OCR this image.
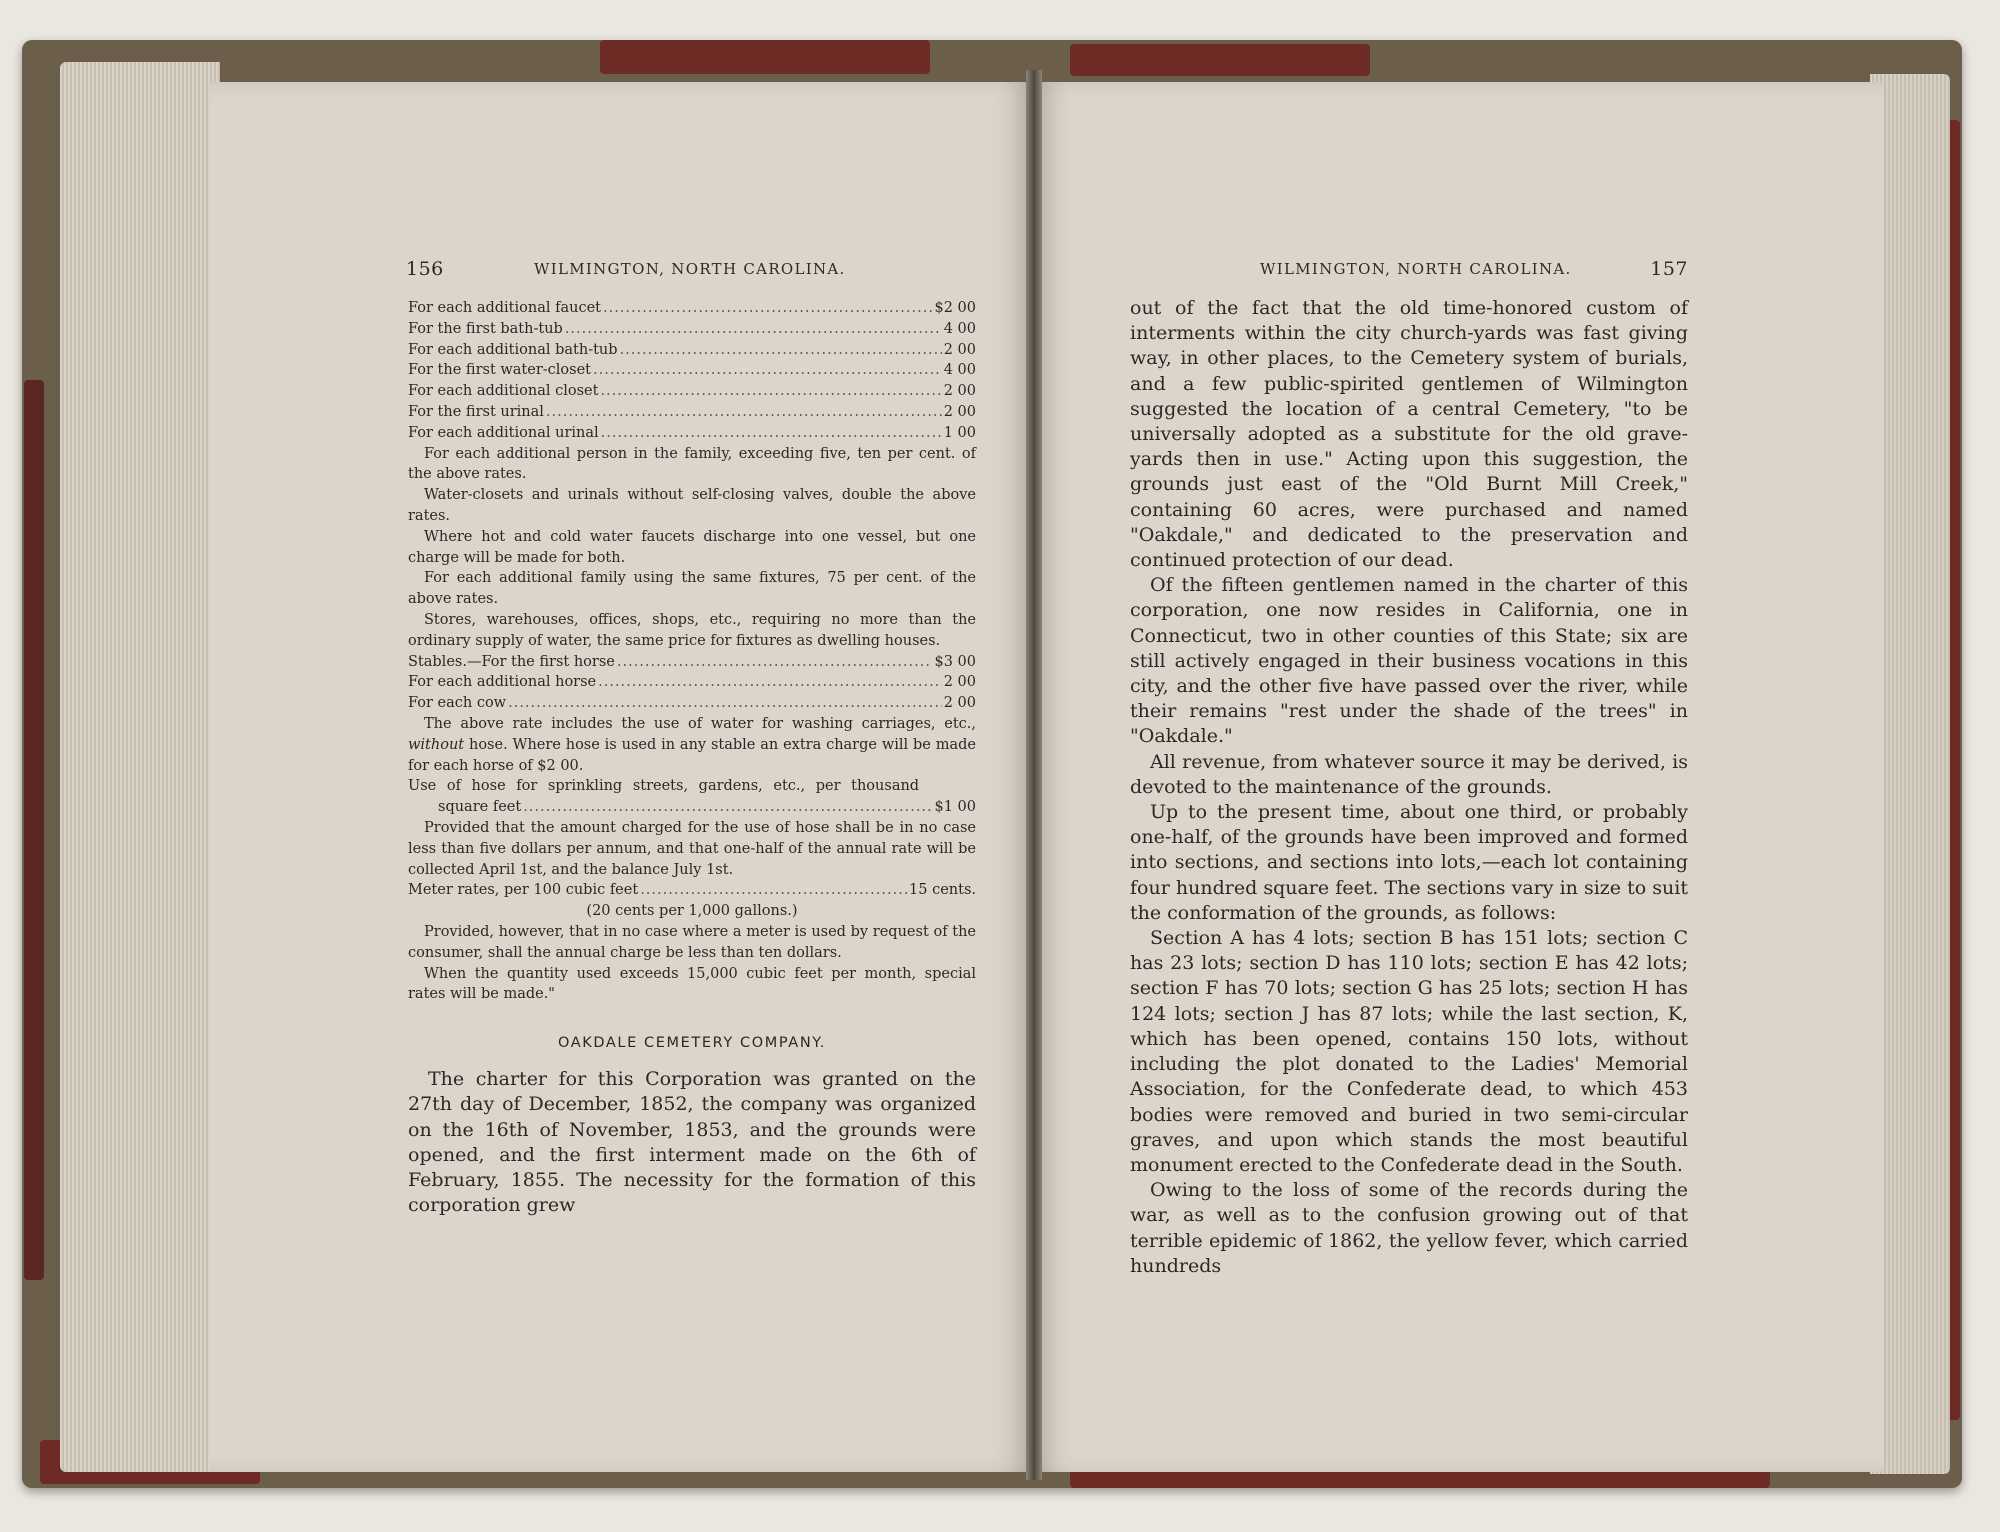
156	WILMINGTON, NORTH CAROLINA.	WILMINGTON, NORTH CAROLINA.	157
For each additional faucet .....	$2 00
For the first bath-tub .....	4 00
For each additional bath-tub .....	2 00
For the first water-closet .....	4 00
For each additional closet .....	2 00
For the first urinal .....	2 00
For each additional urinal .....	1 00

For each additional person in the family, exceeding five, ten per cent. of the above rates.

Water-closets and urinals without self-closing valves, double the above rates.

Where hot and cold water faucets discharge into one vessel, but one charge will be made for both.

For each additional family using the same fixtures, 75 per cent. of the above rates.

Stores, warehouses, offices, shops, etc., requiring no more than the ordinary supply of water, the same price for fixtures as dwelling houses.

Stables.—For the first horse .....	$3 00
For each additional horse .....	2 00
For each cow .....	2 00

The above rate includes the use of water for washing carriages, etc., without hose. Where hose is used in any stable an extra charge will be made for each horse of $2 00.

Use of hose for sprinkling streets, gardens, etc., per thousand
square feet .....	$1 00

Provided that the amount charged for the use of hose shall be in no case less than five dollars per annum, and that one-half of the annual rate will be collected April 1st, and the balance July 1st.

Meter rates, per 100 cubic feet .....	15 cents.
(20 cents per 1,000 gallons.)

Provided, however, that in no case where a meter is used by request of the consumer, shall the annual charge be less than ten dollars.

When the quantity used exceeds 15,000 cubic feet per month, special rates will be made."

OAKDALE CEMETERY COMPANY.

The charter for this Corporation was granted on the 27th day of December, 1852, the company was organized on the 16th of November, 1853, and the grounds were opened, and the first interment made on the 6th of February, 1855. The necessity for the formation of this corporation grew

out of the fact that the old time-honored custom of interments within the city church-yards was fast giving way, in other places, to the Cemetery system of burials, and a few public-spirited gentlemen of Wilmington suggested the location of a central Cemetery, "to be universally adopted as a substitute for the old grave-yards then in use." Acting upon this suggestion, the grounds just east of the "Old Burnt Mill Creek," containing 60 acres, were purchased and named "Oakdale," and dedicated to the preservation and continued protection of our dead.

Of the fifteen gentlemen named in the charter of this corporation, one now resides in California, one in Connecticut, two in other counties of this State; six are still actively engaged in their business vocations in this city, and the other five have passed over the river, while their remains "rest under the shade of the trees" in "Oakdale."

All revenue, from whatever source it may be derived, is devoted to the maintenance of the grounds.

Up to the present time, about one third, or probably one-half, of the grounds have been improved and formed into sections, and sections into lots,—each lot containing four hundred square feet. The sections vary in size to suit the conformation of the grounds, as follows:

Section A has 4 lots; section B has 151 lots; section C has 23 lots; section D has 110 lots; section E has 42 lots; section F has 70 lots; section G has 25 lots; section H has 124 lots; section J has 87 lots; while the last section, K, which has been opened, contains 150 lots, without including the plot donated to the Ladies' Memorial Association, for the Confederate dead, to which 453 bodies were removed and buried in two semi-circular graves, and upon which stands the most beautiful monument erected to the Confederate dead in the South.

Owing to the loss of some of the records during the war, as well as to the confusion growing out of that terrible epidemic of 1862, the yellow fever, which carried hundreds
